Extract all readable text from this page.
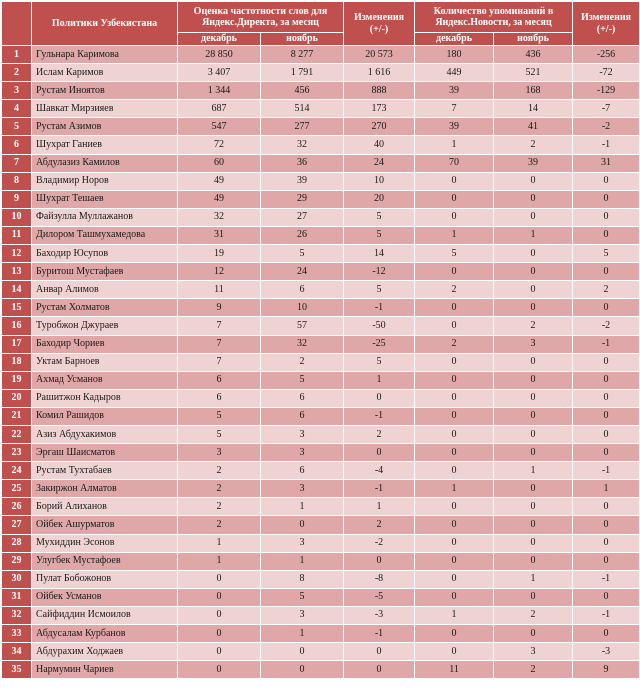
	Политики Узбекистана	Оценка частотности слов для Яндекс.Директа, за месяц		Изменения (+/-)	Количество упоминаний в Яндекс.Новости, за месяц		Изменения (+/-)
		декабрь	ноябрь		декабрь	ноябрь	
1	Гульнара Каримова	28 850	8 277	20 573	180	436	-256
2	Ислам Каримов	3 407	1 791	1 616	449	521	-72
3	Рустам Иноятов	1 344	456	888	39	168	-129
4	Шавкат Мирзияев	687	514	173	7	14	-7
5	Рустам Азимов	547	277	270	39	41	-2
6	Шухрат Ганиев	72	32	40	1	2	-1
7	Абдулазиз Камилов	60	36	24	70	39	31
8	Владимир Норов	49	39	10	0	0	0
9	Шухрат Тешаев	49	29	20	0	0	0
10	Файзулла Муллажанов	32	27	5	0	0	0
11	Дилором Ташмухамедова	31	26	5	1	1	0
12	Баходир Юсупов	19	5	14	5	0	5
13	Буритош Мустафаев	12	24	-12	0	0	0
14	Анвар Алимов	11	6	5	2	0	2
15	Рустам Холматов	9	10	-1	0	0	0
16	Туробжон Джураев	7	57	-50	0	2	-2
17	Баходир Чориев	7	32	-25	2	3	-1
18	Уктам Барноев	7	2	5	0	0	0
19	Ахмад Усманов	6	5	1	0	0	0
20	Рашитжон Кадыров	6	6	0	0	0	0
21	Комил Рашидов	5	6	-1	0	0	0
22	Азиз Абдухакимов	5	3	2	0	0	0
23	Эргаш Шаисматов	3	3	0	0	0	0
24	Рустам Тухтабаев	2	6	-4	0	1	-1
25	Закиржон Алматов	2	3	-1	1	0	1
26	Борий Алиханов	2	1	1	0	0	0
27	Ойбек Ашурматов	2	0	2	0	0	0
28	Мухиддин Эсонов	1	3	-2	0	0	0
29	Улугбек Мустафоев	1	1	0	0	0	0
30	Пулат Бобожонов	0	8	-8	0	1	-1
31	Ойбек Усманов	0	5	-5	0	0	0
32	Сайфиддин Исмоилов	0	3	-3	1	2	-1
33	Абдусалам Курбанов	0	1	-1	0	0	0
34	Абдурахим Ходжаев	0	0	0	0	3	-3
35	Нармумин Чариев	0	0	0	11	2	9
